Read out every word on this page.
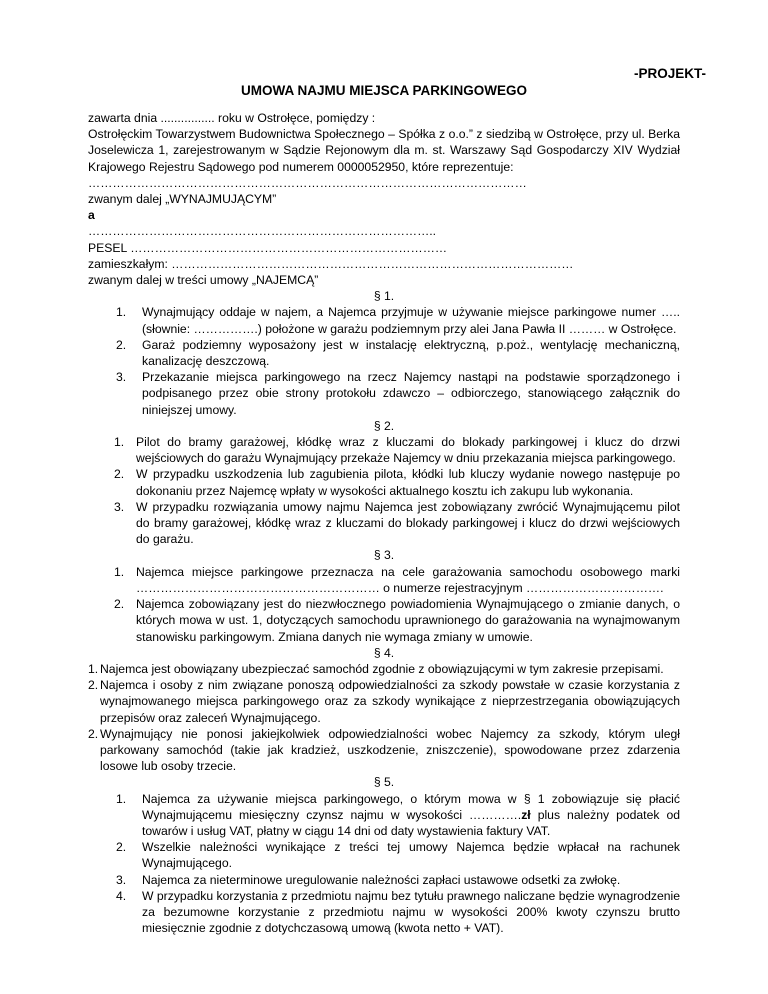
-PROJEKT-
UMOWA NAJMU MIEJSCA PARKINGOWEGO

zawarta dnia ................ roku w Ostrołęce, pomiędzy :

Ostrołęckim Towarzystwem Budownictwa Społecznego – Spółka z o.o.” z siedzibą w Ostrołęce, przy ul. Berka Joselewicza 1, zarejestrowanym w Sądzie Rejonowym dla m. st. Warszawy Sąd Gospodarczy XIV Wydział Krajowego Rejestru Sądowego pod numerem 0000052950, które reprezentuje:

………………………………………………………………………………………………

zwanym dalej „WYNAJMUJĄCYM”

a

…………………………………………………………………………..

PESEL ……………………………………………………………………

zamieszkałym: ………………………………………………………………………………………

zwanym dalej w treści umowy „NAJEMCĄ”

§ 1.

1. Wynajmujący oddaje w najem, a Najemca przyjmuje w używanie miejsce parkingowe numer ….. (słownie: …………….) położone w garażu podziemnym przy alei Jana Pawła II ……… w Ostrołęce.

2. Garaż podziemny wyposażony jest w instalację elektryczną, p.poż., wentylację mechaniczną, kanalizację deszczową.

3. Przekazanie miejsca parkingowego na rzecz Najemcy nastąpi na podstawie sporządzonego i podpisanego przez obie strony protokołu zdawczo – odbiorczego, stanowiącego załącznik do niniejszej umowy.

§ 2.

1. Pilot do bramy garażowej, kłódkę wraz z kluczami do blokady parkingowej i klucz do drzwi wejściowych do garażu Wynajmujący przekaże Najemcy w dniu przekazania miejsca parkingowego.

2. W przypadku uszkodzenia lub zagubienia pilota, kłódki lub kluczy wydanie nowego następuje po dokonaniu przez Najemcę wpłaty w wysokości aktualnego kosztu ich zakupu lub wykonania.

3. W przypadku rozwiązania umowy najmu Najemca jest zobowiązany zwrócić Wynajmującemu pilot do bramy garażowej, kłódkę wraz z kluczami do blokady parkingowej i klucz do drzwi wejściowych do garażu.

§ 3.

1. Najemca miejsce parkingowe przeznacza na cele garażowania samochodu osobowego marki …………………………………………………… o numerze rejestracyjnym …………………………….

2. Najemca zobowiązany jest do niezwłocznego powiadomienia Wynajmującego o zmianie danych, o których mowa w ust. 1, dotyczących samochodu uprawnionego do garażowania na wynajmowanym stanowisku parkingowym. Zmiana danych nie wymaga zmiany w umowie.

§ 4.

1. Najemca jest obowiązany ubezpieczać samochód zgodnie z obowiązującymi w tym zakresie przepisami.

2. Najemca i osoby z nim związane ponoszą odpowiedzialności za szkody powstałe w czasie korzystania z wynajmowanego miejsca parkingowego oraz za szkody wynikające z nieprzestrzegania obowiązujących przepisów oraz zaleceń Wynajmującego.

2. Wynajmujący nie ponosi jakiejkolwiek odpowiedzialności wobec Najemcy za szkody, którym uległ parkowany samochód (takie jak kradzież, uszkodzenie, zniszczenie), spowodowane przez zdarzenia losowe lub osoby trzecie.

§ 5.

1. Najemca za używanie miejsca parkingowego, o którym mowa w § 1 zobowiązuje się płacić Wynajmującemu miesięczny czynsz najmu w wysokości ………….zł plus należny podatek od towarów i usług VAT, płatny w ciągu 14 dni od daty wystawienia faktury VAT.

2. Wszelkie należności wynikające z treści tej umowy Najemca będzie wpłacał na rachunek Wynajmującego.

3. Najemca za nieterminowe uregulowanie należności zapłaci ustawowe odsetki za zwłokę.

4. W przypadku korzystania z przedmiotu najmu bez tytułu prawnego naliczane będzie wynagrodzenie za bezumowne korzystanie z przedmiotu najmu w wysokości 200% kwoty czynszu brutto miesięcznie zgodnie z dotychczasową umową (kwota netto + VAT).
